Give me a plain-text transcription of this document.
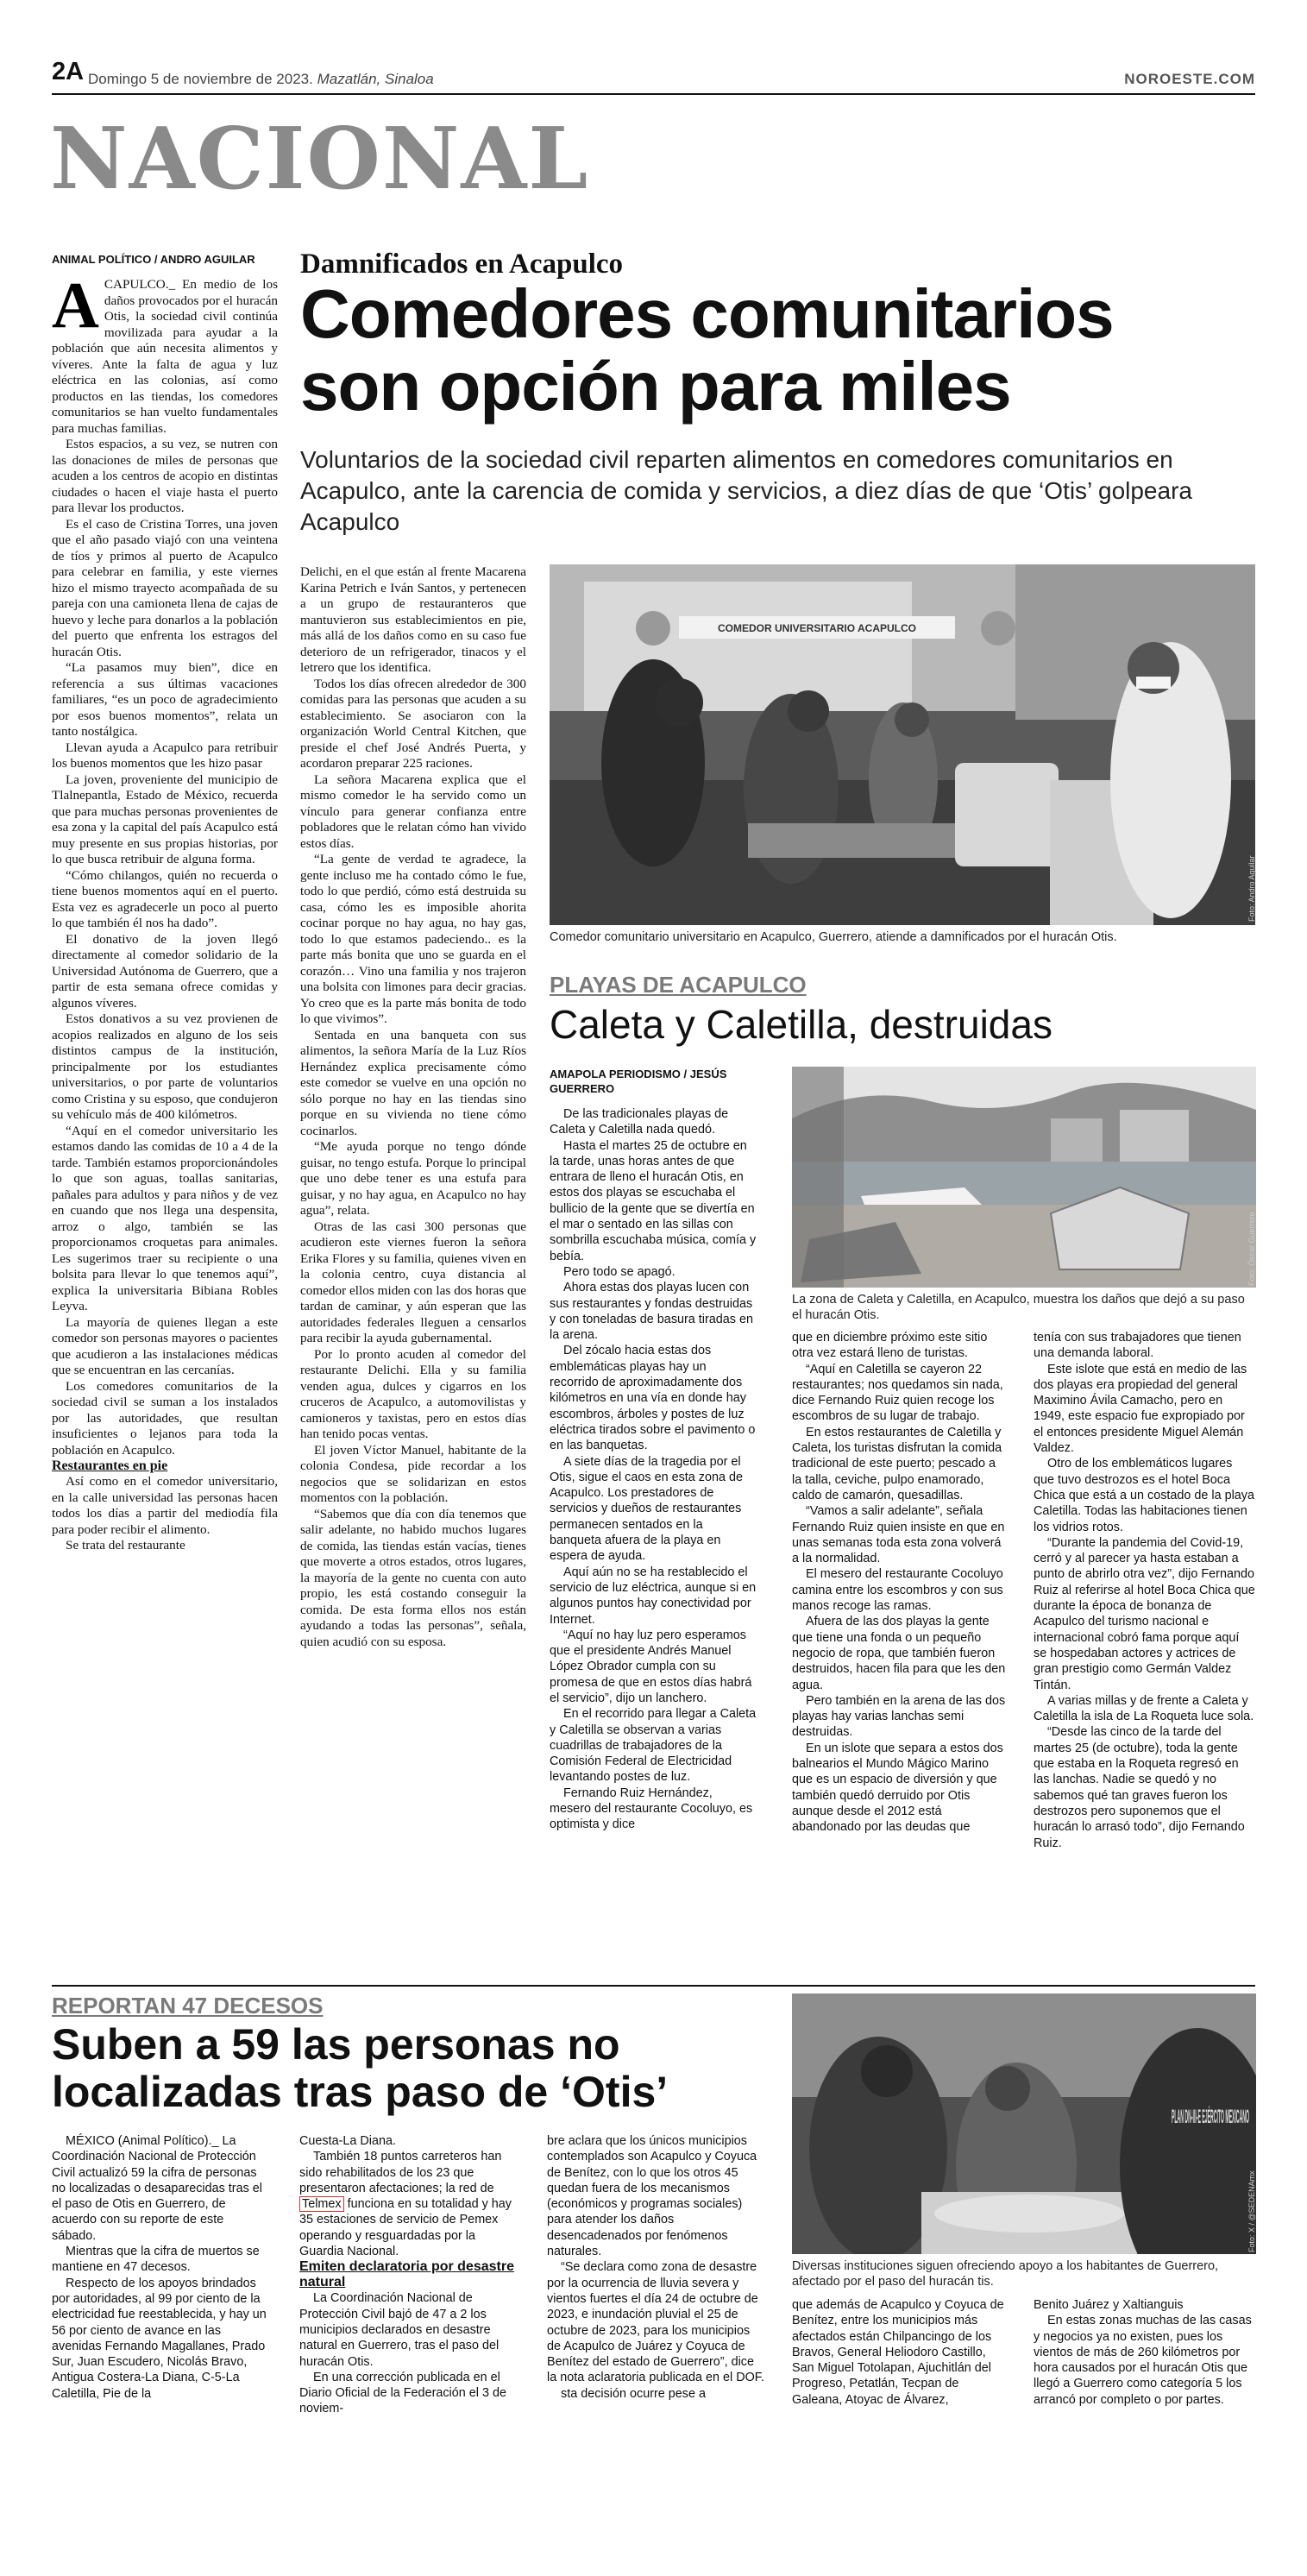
2A Domingo 5 de noviembre de 2023. Mazatlán, Sinaloa	NOROESTE.COM
NACIONAL
ANIMAL POLÍTICO / ANDRO AGUILAR

ACAPULCO._ En medio de los daños provocados por el huracán Otis, la sociedad civil continúa movilizada para ayudar a la población que aún necesita alimentos y víveres. Ante la falta de agua y luz eléctrica en las colonias, así como productos en las tiendas, los comedores comunitarios se han vuelto fundamentales para muchas familias.

Estos espacios, a su vez, se nutren con las donaciones de miles de personas que acuden a los centros de acopio en distintas ciudades o hacen el viaje hasta el puerto para llevar los productos.

Es el caso de Cristina Torres, una joven que el año pasado viajó con una veintena de tíos y primos al puerto de Acapulco para celebrar en familia, y este viernes hizo el mismo trayecto acompañada de su pareja con una camioneta llena de cajas de huevo y leche para donarlos a la población del puerto que enfrenta los estragos del huracán Otis.

“La pasamos muy bien”, dice en referencia a sus últimas vacaciones familiares, “es un poco de agradecimiento por esos buenos momentos”, relata un tanto nostálgica.

Llevan ayuda a Acapulco para retribuir los buenos momentos que les hizo pasar

La joven, proveniente del municipio de Tlalnepantla, Estado de México, recuerda que para muchas personas provenientes de esa zona y la capital del país Acapulco está muy presente en sus propias historias, por lo que busca retribuir de alguna forma.

“Cómo chilangos, quién no recuerda o tiene buenos momentos aquí en el puerto. Esta vez es agradecerle un poco al puerto lo que también él nos ha dado”.

El donativo de la joven llegó directamente al comedor solidario de la Universidad Autónoma de Guerrero, que a partir de esta semana ofrece comidas y algunos víveres.

Estos donativos a su vez provienen de acopios realizados en alguno de los seis distintos campus de la institución, principalmente por los estudiantes universitarios, o por parte de voluntarios como Cristina y su esposo, que condujeron su vehículo más de 400 kilómetros.

“Aquí en el comedor universitario les estamos dando las comidas de 10 a 4 de la tarde. También estamos proporcionándoles lo que son aguas, toallas sanitarias, pañales para adultos y para niños y de vez en cuando que nos llega una despensita, arroz o algo, también se las proporcionamos croquetas para animales. Les sugerimos traer su recipiente o una bolsita para llevar lo que tenemos aquí”, explica la universitaria Bibiana Robles Leyva.

La mayoría de quienes llegan a este comedor son personas mayores o pacientes que acudieron a las instalaciones médicas que se encuentran en las cercanías.

Los comedores comunitarios de la sociedad civil se suman a los instalados por las autoridades, que resultan insuficientes o lejanos para toda la población en Acapulco.

Restaurantes en pie

Así como en el comedor universitario, en la calle universidad las personas hacen todos los días a partir del mediodía fila para poder recibir el alimento.

Se trata del restaurante

Damnificados en Acapulco
Comedores comunitarios son opción para miles
Voluntarios de la sociedad civil reparten alimentos en comedores comunitarios en Acapulco, ante la carencia de comida y servicios, a diez días de que ‘Otis’ golpeara Acapulco

Delichi, en el que están al frente Macarena Karina Petrich e Iván Santos, y pertenecen a un grupo de restauranteros que mantuvieron sus establecimientos en pie, más allá de los daños como en su caso fue deterioro de un refrigerador, tinacos y el letrero que los identifica.

Todos los días ofrecen alrededor de 300 comidas para las personas que acuden a su establecimiento. Se asociaron con la organización World Central Kitchen, que preside el chef José Andrés Puerta, y acordaron preparar 225 raciones.

La señora Macarena explica que el mismo comedor le ha servido como un vínculo para generar confianza entre pobladores que le relatan cómo han vivido estos días.

“La gente de verdad te agradece, la gente incluso me ha contado cómo le fue, todo lo que perdió, cómo está destruida su casa, cómo les es imposible ahorita cocinar porque no hay agua, no hay gas, todo lo que estamos padeciendo.. es la parte más bonita que uno se guarda en el corazón… Vino una familia y nos trajeron una bolsita con limones para decir gracias. Yo creo que es la parte más bonita de todo lo que vivimos”.

Sentada en una banqueta con sus alimentos, la señora María de la Luz Ríos Hernández explica precisamente cómo este comedor se vuelve en una opción no sólo porque no hay en las tiendas sino porque en su vivienda no tiene cómo cocinarlos.

“Me ayuda porque no tengo dónde guisar, no tengo estufa. Porque lo principal que uno debe tener es una estufa para guisar, y no hay agua, en Acapulco no hay agua”, relata.

Otras de las casi 300 personas que acudieron este viernes fueron la señora Erika Flores y su familia, quienes viven en la colonia centro, cuya distancia al comedor ellos miden con las dos horas que tardan de caminar, y aún esperan que las autoridades federales lleguen a censarlos para recibir la ayuda gubernamental.

Por lo pronto acuden al comedor del restaurante Delichi. Ella y su familia venden agua, dulces y cigarros en los cruceros de Acapulco, a automovilistas y camioneros y taxistas, pero en estos días han tenido pocas ventas.

El joven Víctor Manuel, habitante de la colonia Condesa, pide recordar a los negocios que se solidarizan en estos momentos con la población.

“Sabemos que día con día tenemos que salir adelante, no habido muchos lugares de comida, las tiendas están vacías, tienes que moverte a otros estados, otros lugares, la mayoría de la gente no cuenta con auto propio, les está costando conseguir la comida. De esta forma ellos nos están ayudando a todas las personas”, señala, quien acudió con su esposa.

COMEDOR UNIVERSITARIO ACAPULCO
Foto: Andro Aguilar
Comedor comunitario universitario en Acapulco, Guerrero, atiende a damnificados por el huracán Otis.
PLAYAS DE ACAPULCO
Caleta y Caletilla, destruidas
AMAPOLA PERIODISMO / JESÚS GUERRERO

De las tradicionales playas de Caleta y Caletilla nada quedó.

Hasta el martes 25 de octubre en la tarde, unas horas antes de que entrara de lleno el huracán Otis, en estos dos playas se escuchaba el bullicio de la gente que se divertía en el mar o sentado en las sillas con sombrilla escuchaba música, comía y bebía.

Pero todo se apagó.

Ahora estas dos playas lucen con sus restaurantes y fondas destruidas y con toneladas de basura tiradas en la arena.

Del zócalo hacia estas dos emblemáticas playas hay un recorrido de aproximadamente dos kilómetros en una vía en donde hay escombros, árboles y postes de luz eléctrica tirados sobre el pavimento o en las banquetas.

A siete días de la tragedia por el Otis, sigue el caos en esta zona de Acapulco. Los prestadores de servicios y dueños de restaurantes permanecen sentados en la banqueta afuera de la playa en espera de ayuda.

Aquí aún no se ha restablecido el servicio de luz eléctrica, aunque si en algunos puntos hay conectividad por Internet.

“Aquí no hay luz pero esperamos que el presidente Andrés Manuel López Obrador cumpla con su promesa de que en estos días habrá el servicio”, dijo un lanchero.

En el recorrido para llegar a Caleta y Caletilla se observan a varias cuadrillas de trabajadores de la Comisión Federal de Electricidad levantando postes de luz.

Fernando Ruiz Hernández, mesero del restaurante Cocoluyo, es optimista y dice

Foto: Óscar Guerrero
La zona de Caleta y Caletilla, en Acapulco, muestra los daños que dejó a su paso el huracán Otis.

que en diciembre próximo este sitio otra vez estará lleno de turistas.

“Aquí en Caletilla se cayeron 22 restaurantes; nos quedamos sin nada, dice Fernando Ruiz quien recoge los escombros de su lugar de trabajo.

En estos restaurantes de Caletilla y Caleta, los turistas disfrutan la comida tradicional de este puerto; pescado a la talla, ceviche, pulpo enamorado, caldo de camarón, quesadillas.

“Vamos a salir adelante”, señala Fernando Ruiz quien insiste en que en unas semanas toda esta zona volverá a la normalidad.

El mesero del restaurante Cocoluyo camina entre los escombros y con sus manos recoge las ramas.

Afuera de las dos playas la gente que tiene una fonda o un pequeño negocio de ropa, que también fueron destruidos, hacen fila para que les den agua.

Pero también en la arena de las dos playas hay varias lanchas semi destruidas.

En un islote que separa a estos dos balnearios el Mundo Mágico Marino que es un espacio de diversión y que también quedó derruido por Otis aunque desde el 2012 está abandonado por las deudas que

tenía con sus trabajadores que tienen una demanda laboral.

Este islote que está en medio de las dos playas era propiedad del general Maximino Ávila Camacho, pero en 1949, este espacio fue expropiado por el entonces presidente Miguel Alemán Valdez.

Otro de los emblemáticos lugares que tuvo destrozos es el hotel Boca Chica que está a un costado de la playa Caletilla. Todas las habitaciones tienen los vidrios rotos.

“Durante la pandemia del Covid-19, cerró y al parecer ya hasta estaban a punto de abrirlo otra vez”, dijo Fernando Ruiz al referirse al hotel Boca Chica que durante la época de bonanza de Acapulco del turismo nacional e internacional cobró fama porque aquí se hospedaban actores y actrices de gran prestigio como Germán Valdez Tintán.

A varias millas y de frente a Caleta y Caletilla la isla de La Roqueta luce sola.

“Desde las cinco de la tarde del martes 25 (de octubre), toda la gente que estaba en la Roqueta regresó en las lanchas. Nadie se quedó y no sabemos qué tan graves fueron los destrozos pero suponemos que el huracán lo arrasó todo”, dijo Fernando Ruiz.

REPORTAN 47 DECESOS
Suben a 59 las personas no localizadas tras paso de ‘Otis’

MÉXICO (Animal Político)._ La Coordinación Nacional de Protección Civil actualizó 59 la cifra de personas no localizadas o desaparecidas tras el el paso de Otis en Guerrero, de acuerdo con su reporte de este sábado.

Mientras que la cifra de muertos se mantiene en 47 decesos.

Respecto de los apoyos brindados por autoridades, al 99 por ciento de la electricidad fue reestablecida, y hay un 56 por ciento de avance en las avenidas Fernando Magallanes, Prado Sur, Juan Escudero, Nicolás Bravo, Antigua Costera-La Diana, C-5-La Caletilla, Pie de la

Cuesta-La Diana.

También 18 puntos carreteros han sido rehabilitados de los 23 que presentaron afectaciones; la red de Telmex funciona en su totalidad y hay 35 estaciones de servicio de Pemex operando y resguardadas por la Guardia Nacional.

Emiten declaratoria por desastre natural

La Coordinación Nacional de Protección Civil bajó de 47 a 2 los municipios declarados en desastre natural en Guerrero, tras el paso del huracán Otis.

En una corrección publicada en el Diario Oficial de la Federación el 3 de noviem-

bre aclara que los únicos municipios contemplados son Acapulco y Coyuca de Benítez, con lo que los otros 45 quedan fuera de los mecanismos (económicos y programas sociales) para atender los daños desencadenados por fenómenos naturales.

“Se declara como zona de desastre por la ocurrencia de lluvia severa y vientos fuertes el día 24 de octubre de 2023, e inundación pluvial el 25 de octubre de 2023, para los municipios de Acapulco de Juárez y Coyuca de Benítez del estado de Guerrero”, dice la nota aclaratoria publicada en el DOF.

sta decisión ocurre pese a

PLAN DN-III-E EJÉRCITO MEXICANO
Foto: X / @SEDENAmx
Diversas instituciones siguen ofreciendo apoyo a los habitantes de Guerrero, afectado por el paso del huracán tis.

que además de Acapulco y Coyuca de Benítez, entre los municipios más afectados están Chilpancingo de los Bravos, General Heliodoro Castillo, San Miguel Totolapan, Ajuchitlán del Progreso, Petatlán, Tecpan de Galeana, Atoyac de Álvarez,

Benito Juárez y Xaltianguis

En estas zonas muchas de las casas y negocios ya no existen, pues los vientos de más de 260 kilómetros por hora causados por el huracán Otis que llegó a Guerrero como categoría 5 los arrancó por completo o por partes.
